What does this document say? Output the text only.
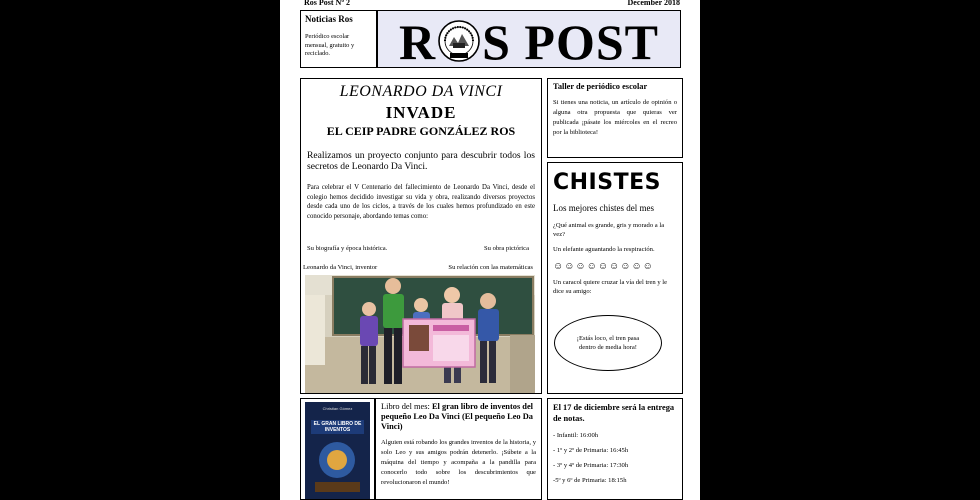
Ros Post Nº 2	December 2018
Noticias Ros
Periódico escolar mensual, gratuito y reciclado.	R S POST
LEONARDO DA VINCI
INVADE
EL CEIP PADRE GONZÁLEZ ROS
Realizamos un proyecto conjunto para descubrir todos los secretos de Leonardo Da Vinci.
Para celebrar el V Centenario del fallecimiento de Leonardo Da Vinci, desde el colegio hemos decidido investigar su vida y obra, realizando diversos proyectos desde cada uno de los ciclos, a través de los cuales hemos profundizado en este conocido personaje, abordando temas como:
Su biografía y época histórica.	Su obra pictórica
Leonardo da Vinci, inventor	Su relación con las matemáticas
Taller de periódico escolar
Si tienes una noticia, un artículo de opinión o alguna otra propuesta que quieras ver publicada ¡pásate los miércoles en el recreo por la biblioteca!
CHISTES
Los mejores chistes del mes
¿Qué animal es grande, gris y morado a la vez?
Un elefante aguantando la respiración.
☺☺☺☺☺☺☺☺☺
Un caracol quiere cruzar la vía del tren y le dice su amigo:
¡Estás loco, el tren pasa dentro de media hora!
Christian Gómez
EL GRAN LIBRO DE INVENTOS
Libro del mes: El gran libro de inventos del pequeño Leo Da Vinci (El pequeño Leo Da Vinci)
Alguien está robando los grandes inventos de la historia, y solo Leo y sus amigos podrán detenerlo. ¡Súbete a la máquina del tiempo y acompaña a la pandilla para conocerlo todo sobre los descubrimientos que revolucionaron el mundo!
El 17 de diciembre será la entrega de notas.
- Infantil: 16:00h
- 1º y 2º de Primaria: 16:45h
- 3º y 4º de Primaria: 17:30h
-5º y 6º de Primaria: 18:15h
